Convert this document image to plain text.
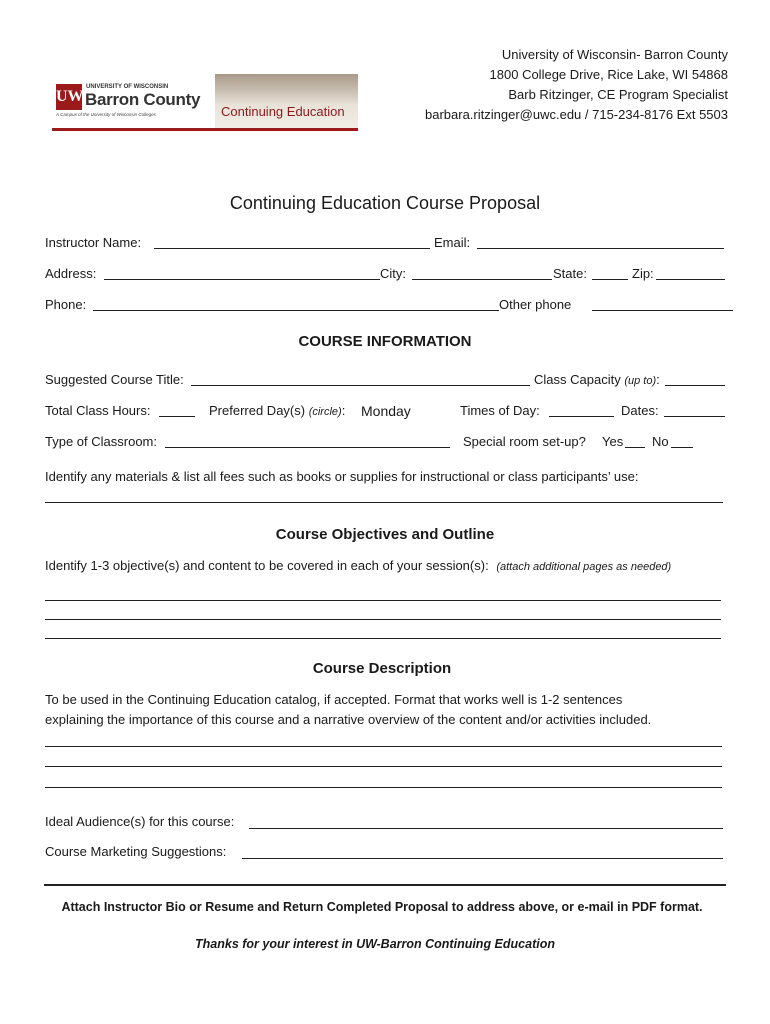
University of Wisconsin- Barron County
1800 College Drive, Rice Lake, WI 54868
Barb Ritzinger, CE Program Specialist
barbara.ritzinger@uwc.edu / 715-234-8176 Ext 5503
UW
UNIVERSITY OF WISCONSIN
Barron County
A Campus of the University of Wisconsin Colleges	Continuing Education
Continuing Education Course Proposal
Instructor Name:	Email:
Address:	City:	State:	Zip:
Phone:	Other phone
COURSE INFORMATION
Suggested Course Title:	Class Capacity (up to):
Total Class Hours:	Preferred Day(s) (circle): Monday	Times of Day:	Dates:
Type of Classroom:	Special room set-up? Yes No
Identify any materials & list all fees such as books or supplies for instructional or class participants’ use:
Course Objectives and Outline
Identify 1-3 objective(s) and content to be covered in each of your session(s): (attach additional pages as needed)
Course Description
To be used in the Continuing Education catalog, if accepted. Format that works well is 1-2 sentences
explaining the importance of this course and a narrative overview of the content and/or activities included.
Ideal Audience(s) for this course:
Course Marketing Suggestions:
Attach Instructor Bio or Resume and Return Completed Proposal to address above, or e-mail in PDF format.
Thanks for your interest in UW-Barron Continuing Education
